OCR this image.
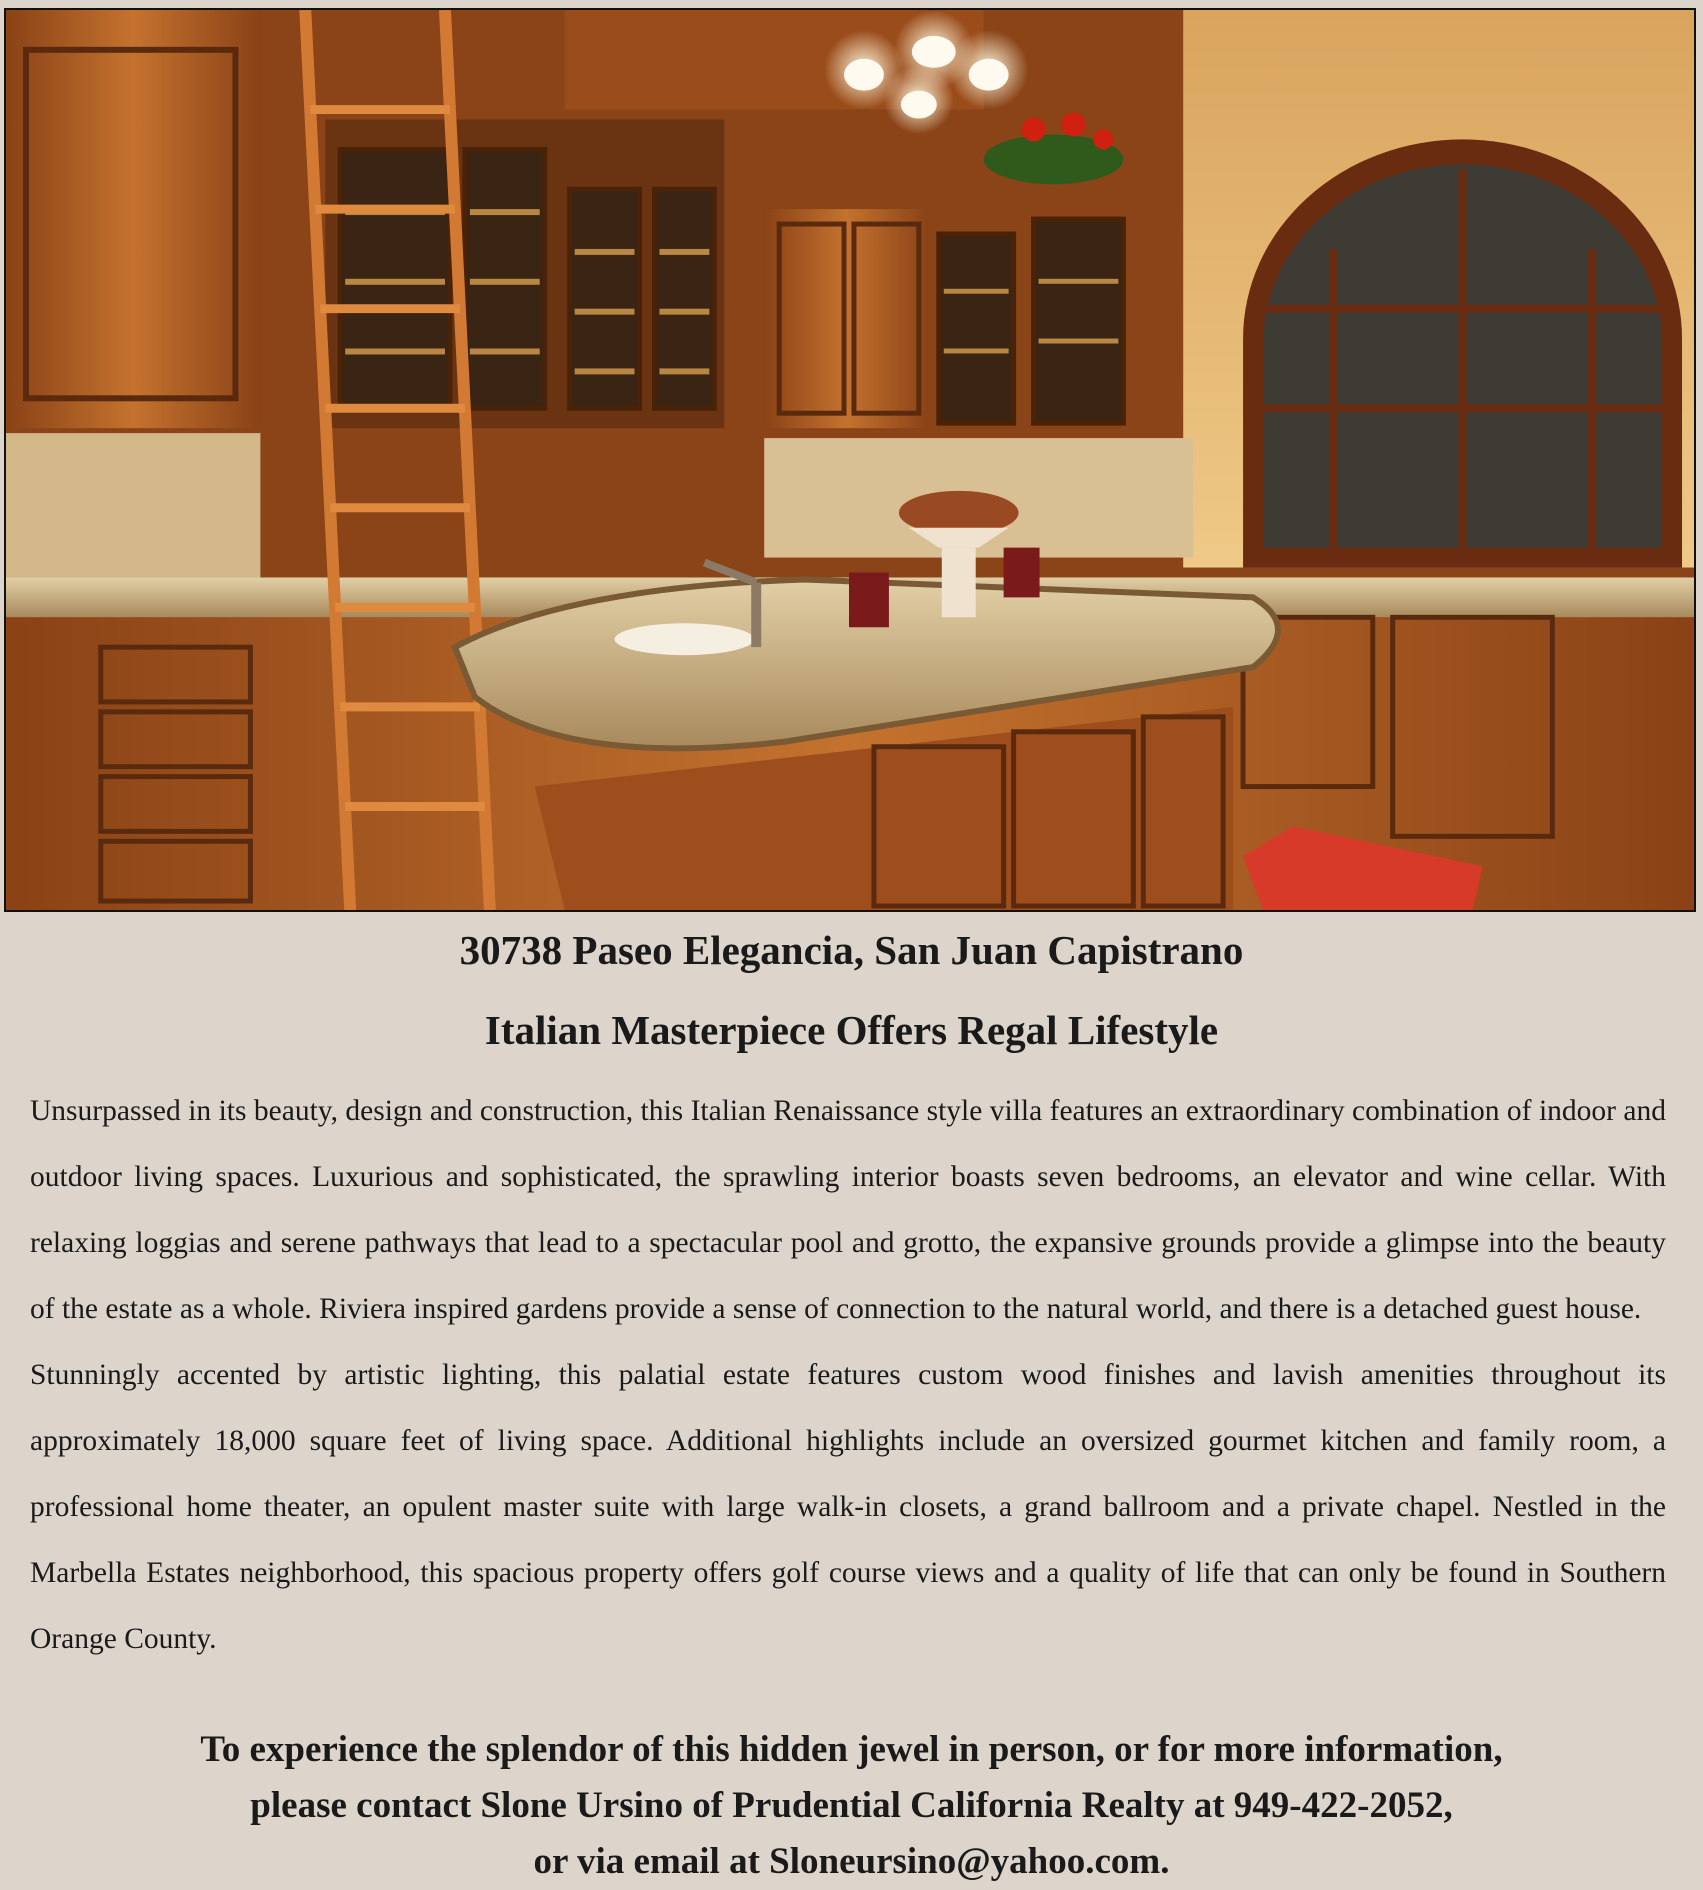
30738 Paseo Elegancia, San Juan Capistrano
Italian Masterpiece Offers Regal Lifestyle

Unsurpassed in its beauty, design and construction, this Italian Renaissance style villa features an extraordinary combination of indoor and outdoor living spaces. Luxurious and sophisticated, the sprawling interior boasts seven bedrooms, an elevator and wine cellar. With relaxing loggias and serene pathways that lead to a spectacular pool and grotto, the expansive grounds provide a glimpse into the beauty of the estate as a whole. Riviera inspired gardens provide a sense of connection to the natural world, and there is a detached guest house.

Stunningly accented by artistic lighting, this palatial estate features custom wood finishes and lavish amenities throughout its approximately 18,000 square feet of living space. Additional highlights include an oversized gourmet kitchen and family room, a professional home theater, an opulent master suite with large walk-in closets, a grand ballroom and a private chapel. Nestled in the Marbella Estates neighborhood, this spacious property offers golf course views and a quality of life that can only be found in Southern Orange County.

To experience the splendor of this hidden jewel in person, or for more information,
please contact Slone Ursino of Prudential California Realty at 949-422-2052,
or via email at Sloneursino@yahoo.com.
